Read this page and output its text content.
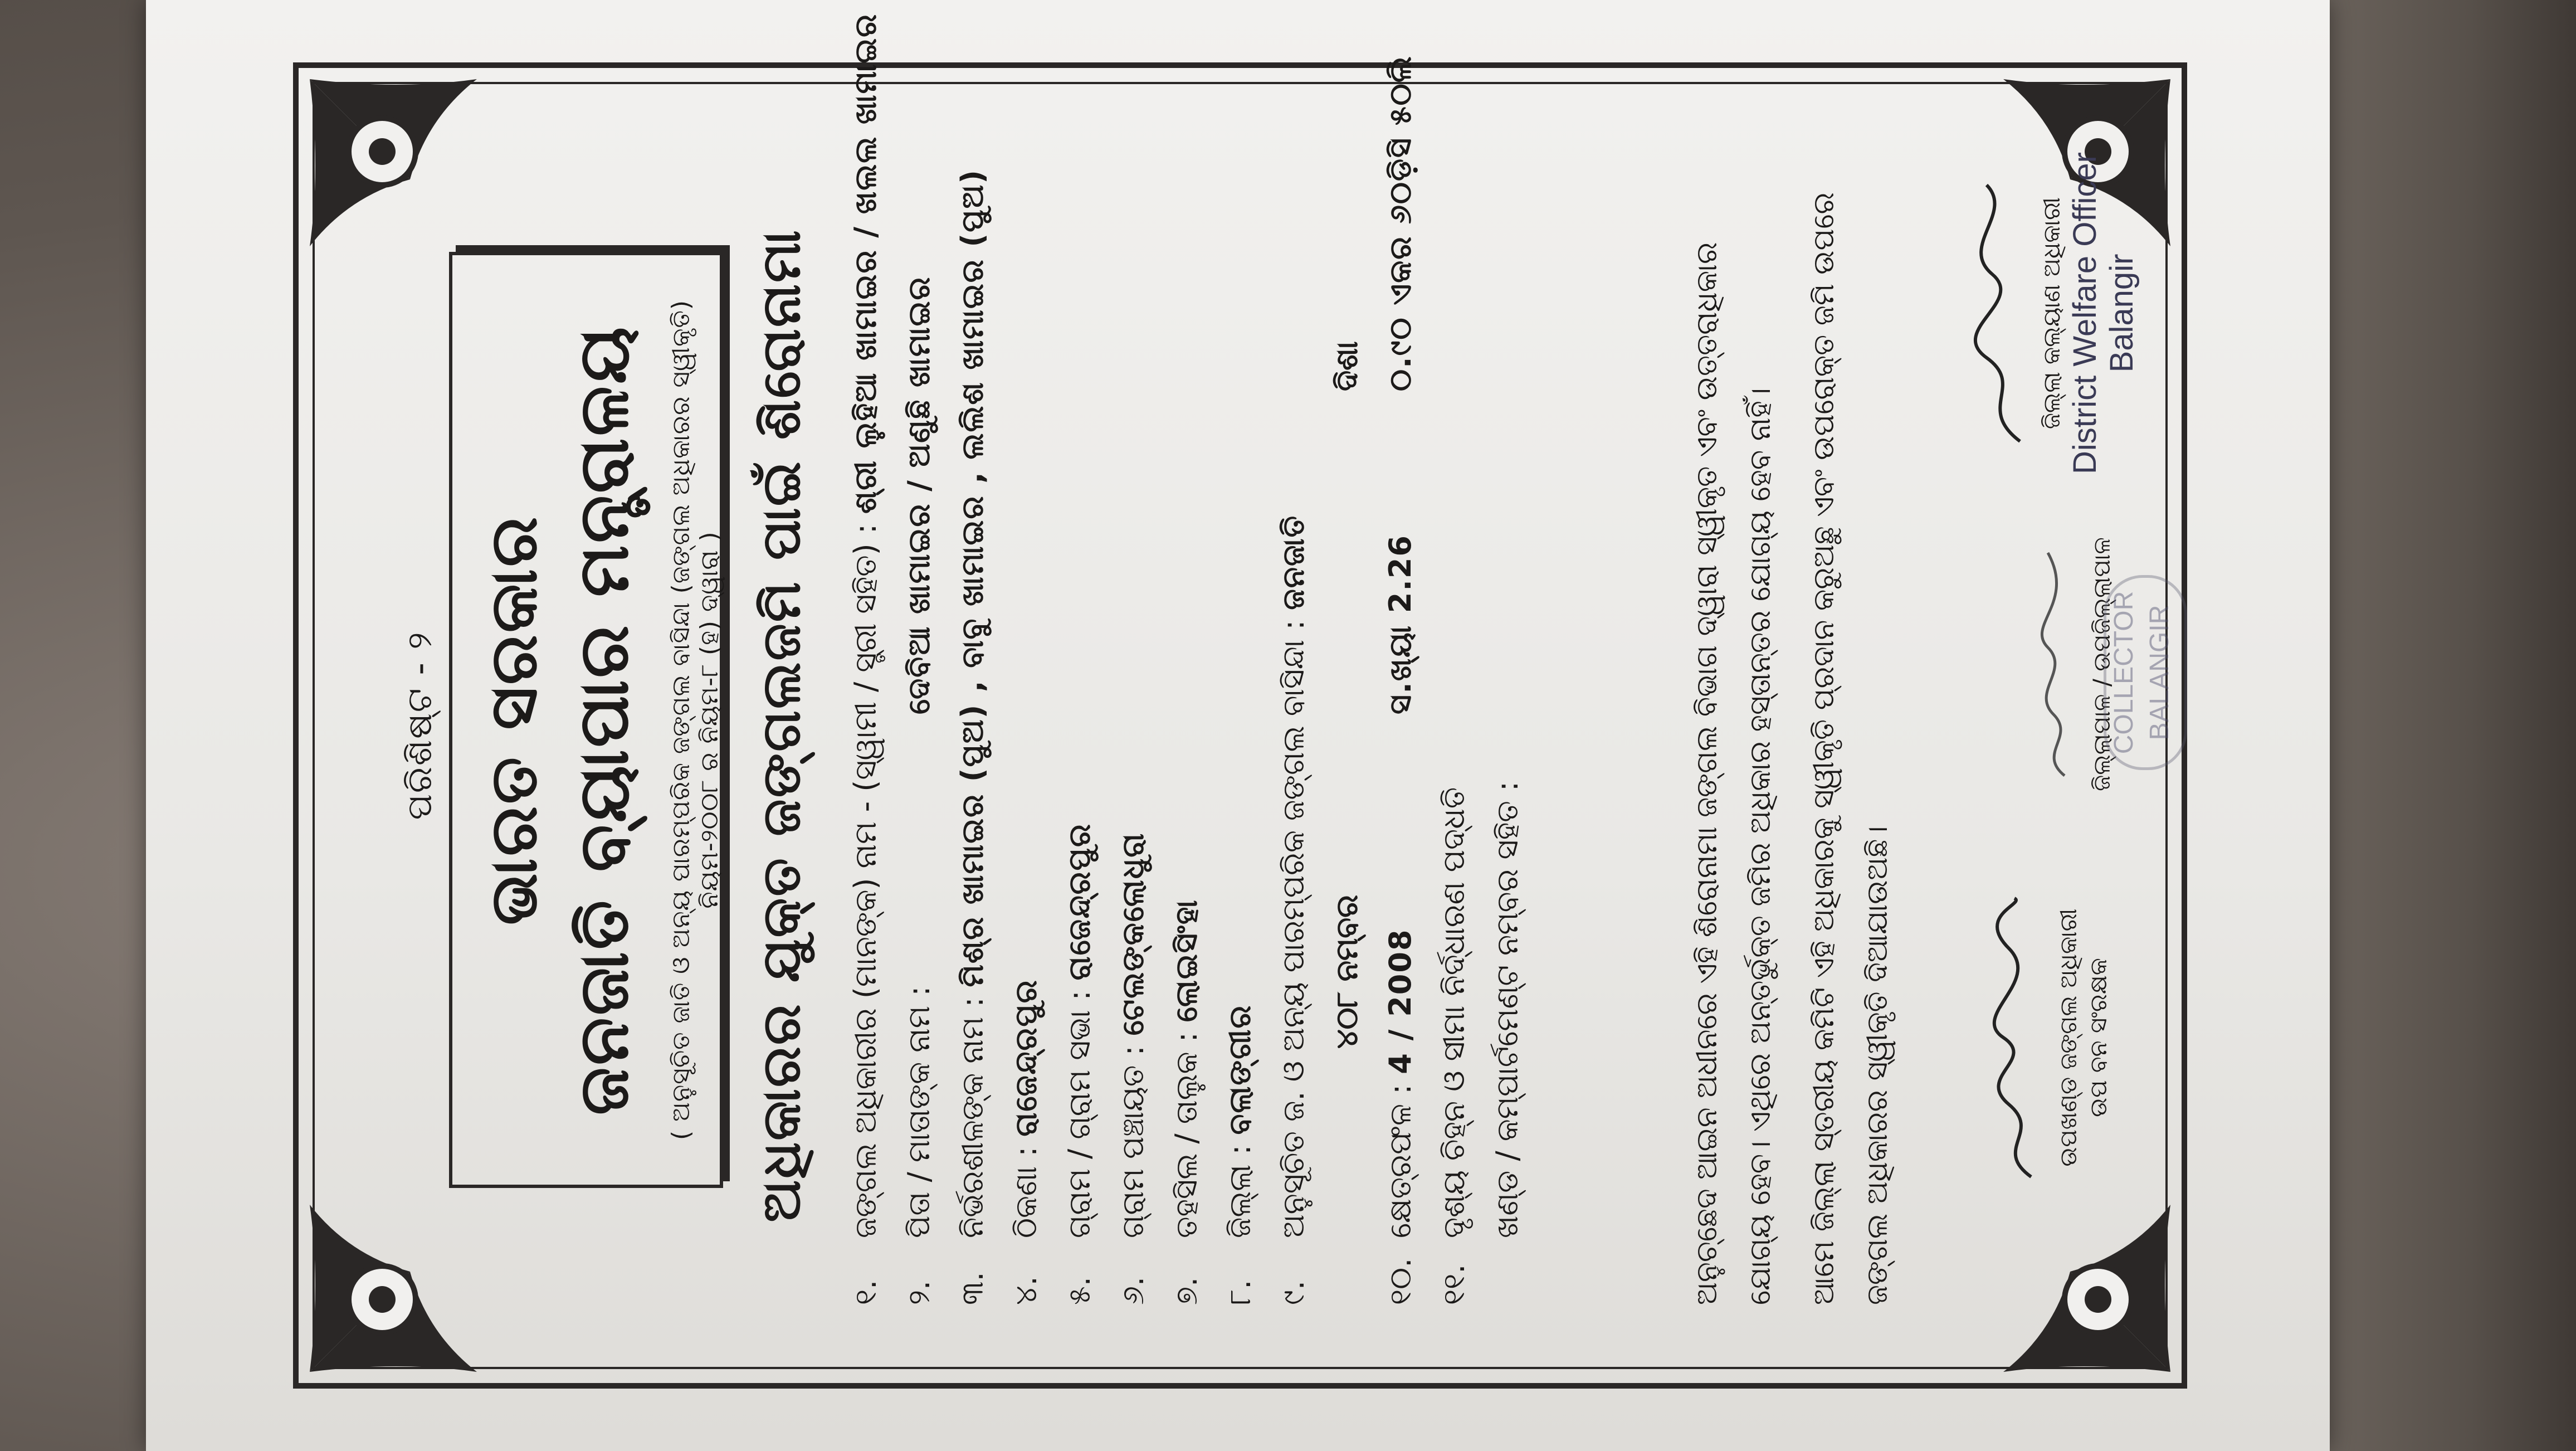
ପରିଶିଷ୍ଟ - ୨ ଭାରତ ସରକାର ଜନଜାତି ବ୍ୟାପାର ମନ୍ତ୍ରାଳୟ ( ଅନୁସୂଚିତ ଜାତି ଓ ଅନ୍ୟ ପାରମ୍ପରିକ ଜଙ୍ଗଲ ବାସିନ୍ଦା (ଜଙ୍ଗଲ ଅଧିକାରର ସ୍ୱୀକୃତି) ନିୟମ-୨୦୦୮ ର ନିୟମ-୮ (ହ) ଦ୍ୱାରା ) ଅଧିକାରର ଯୁକ୍ତ ଜଙ୍ଗଲଜମି ପାଇଁ ଶିରୋନାମା
୧.ଜଙ୍ଗଲ ଅଧିକାରୀର (ମାନଙ୍କ) ନାମ - (ସ୍ୱାମୀ / ସ୍ତ୍ରୀ ସହିତ) :ଶ୍ରୀ ଲୁହିଆ ଖାମାଇର / ଖଲଲ ଖାମାଇର
୨.ପିତା / ମାତାଙ୍କ ନାମ :
ଦେବିଆ ଖାମାଇର / ଅଣୁଛି ଖାମାଇର
୩.ନିର୍ଭରଶୀଳଙ୍କ ନାମ :ମିଶ୍ର ଖାମାଇର (ପୁଅ) , ବାବୁ ଖାମାଇର , ଲଲିଶ ଖାମାଇର (ପୁଅ)
୪.ଠିକଣା :ରାଜେନ୍ଦ୍ରପୁର
୫.ଗ୍ରାମ / ଗ୍ରାମ ସଭା :ରାଜେନ୍ଦ୍ରପୁର
୬.ଗ୍ରାମ ପଞ୍ଚାୟତ :ଟେଲଙ୍କଲୋଧୁରା
୭.ତହସିଲ / ତାଲୁକ :ଲୋଇସିଂହା
୮.ଜିଲ୍ଲା :ବଲାଙ୍ଗୀର
୯.ଅନୁସୂଚିତ ଜ. ଓ ଅନ୍ୟ ପାରମ୍ପରିକ ଜଙ୍ଗଲ ବାସିନ୍ଦା :ଜନଜାତି
୪୦୮ ନମ୍ବର
ଦିଶା
୧୦.କ୍ଷେତ୍ରଫଳ :4 / 2008
ସ.ଖ୍ୟା 2.26
୦.୯୦ ଏକର ୬୦ଡ଼ିସି ୫୦ଲି
୧୧.ଦୃଶ୍ୟ ଚିହ୍ନ ଓ ସୀମା ନିର୍ଦ୍ଧାରଣ ପଦ୍ଧତି ଖଣ୍ଡ / କମ୍ପାର୍ଟମେଣ୍ଟ ନମ୍ବର ସହିତ :	ଅନୁଚ୍ଛେଦ ଆଇନ ଅଧୀନରେ ଏହି ଶିରୋନାମା ଜଙ୍ଗଲ ବିଭାଗ ଦ୍ୱାରା ସ୍ୱୀକୃତ ଏବଂ ଉତ୍ତରାଧିକାର ଯୋଗ୍ୟ ହେବ। ଏଥିରେ ଅନ୍ତର୍ଭୁକ୍ତ ଜମିର ଅଧିକାର ହସ୍ତାନ୍ତର ଯୋଗ୍ୟ ହେବ ନାହିଁ।	ଆମେ ଜିଲ୍ଲା ସ୍ତରୀୟ କମିଟି ଏହି ଅଧିକାରକୁ ସ୍ୱୀକୃତି ପ୍ରଦାନ କରୁଅଛୁ ଏବଂ ଉପରୋକ୍ତ ଜମି ଉପରେ ଜଙ୍ଗଲ ଅଧିକାରର ସ୍ୱୀକୃତି ଦିଆଯାଉଅଛି।	ଉପଖଣ୍ଡ ଜଙ୍ଗଲ ଅଧିକାରୀ ଉପ ବନ ସଂରକ୍ଷକ
ଜିଲ୍ଲାପାଳ / ଉପଜିଲ୍ଲାପାଳ
COLLECTOR BALANGIR
ଜିଲ୍ଲା କଲ୍ୟାଣ ଅଧିକାରୀ District Welfare Officer Balangir
